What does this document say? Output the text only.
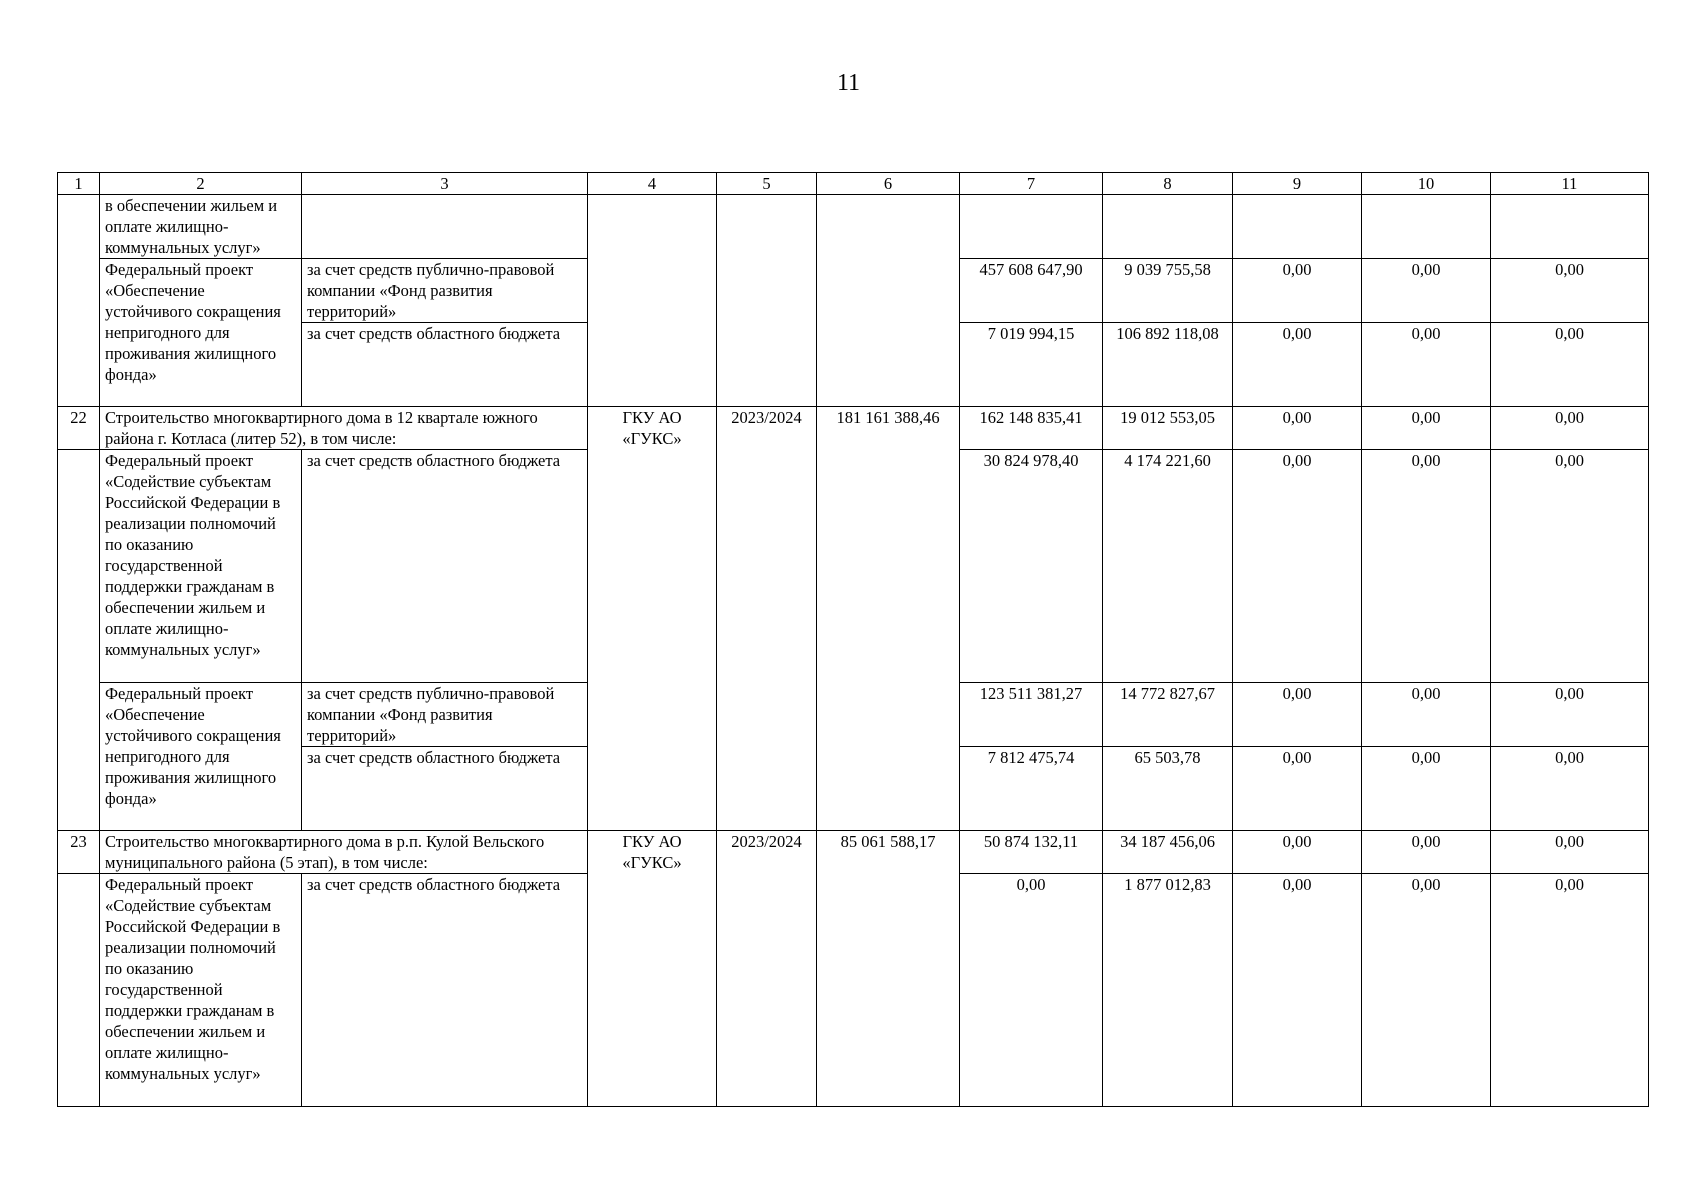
11
1	2	3	4	5	6	7	8	9	10	11
	в обеспечении жильем и оплате жилищно-коммунальных услуг»									
	Федеральный проект «Обеспечение устойчивого сокращения непригодного для проживания жилищного фонда»	за счет средств публично-правовой компании «Фонд развития территорий»				457 608 647,90	9 039 755,58	0,00	0,00	0,00
		за счет средств областного бюджета				7 019 994,15	106 892 118,08	0,00	0,00	0,00
22	Строительство многоквартирного дома в 12 квартале южного района г. Котласа (литер 52), в том числе:		ГКУ АО «ГУКС»	2023/2024	181 161 388,46	162 148 835,41	19 012 553,05	0,00	0,00	0,00
	Федеральный проект «Содействие субъектам Российской Федерации в реализации полномочий по оказанию государственной поддержки гражданам в обеспечении жильем и оплате жилищно-коммунальных услуг»	за счет средств областного бюджета				30 824 978,40	4 174 221,60	0,00	0,00	0,00
	Федеральный проект «Обеспечение устойчивого сокращения непригодного для проживания жилищного фонда»	за счет средств публично-правовой компании «Фонд развития территорий»				123 511 381,27	14 772 827,67	0,00	0,00	0,00
		за счет средств областного бюджета				7 812 475,74	65 503,78	0,00	0,00	0,00
23	Строительство многоквартирного дома в р.п. Кулой Вельского муниципального района (5 этап), в том числе:		ГКУ АО «ГУКС»	2023/2024	85 061 588,17	50 874 132,11	34 187 456,06	0,00	0,00	0,00
	Федеральный проект «Содействие субъектам Российской Федерации в реализации полномочий по оказанию государственной поддержки гражданам в обеспечении жильем и оплате жилищно-коммунальных услуг»	за счет средств областного бюджета				0,00	1 877 012,83	0,00	0,00	0,00
